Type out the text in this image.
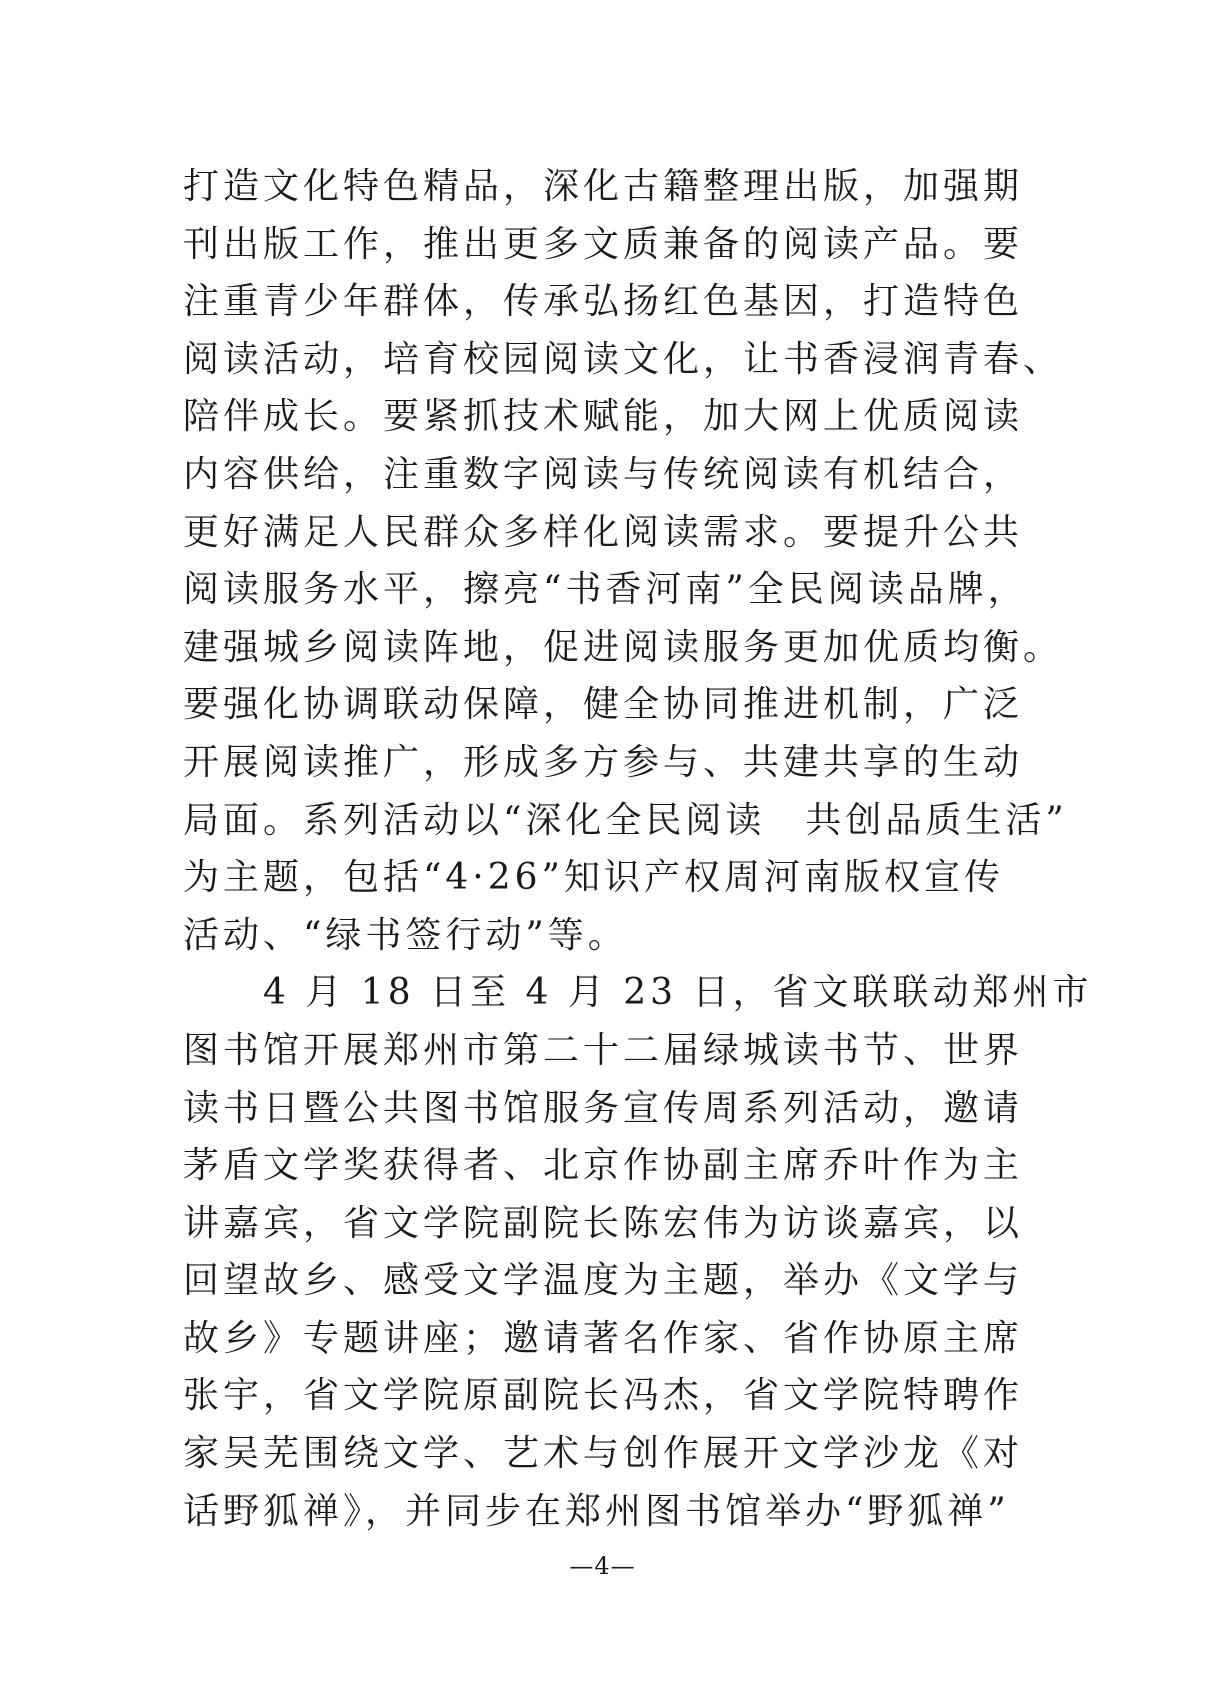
打造文化特色精品，深化古籍整理出版，加强期
刊出版工作，推出更多文质兼备的阅读产品。要
注重青少年群体，传承弘扬红色基因，打造特色
阅读活动，培育校园阅读文化，让书香浸润青春、
陪伴成长。要紧抓技术赋能，加大网上优质阅读
内容供给，注重数字阅读与传统阅读有机结合，
更好满足人民群众多样化阅读需求。要提升公共
阅读服务水平，擦亮“书香河南”全民阅读品牌，
建强城乡阅读阵地，促进阅读服务更加优质均衡。
要强化协调联动保障，健全协同推进机制，广泛
开展阅读推广，形成多方参与、共建共享的生动
局面。系列活动以“深化全民阅读　共创品质生活”
为主题，包括“4·26”知识产权周河南版权宣传
活动、“绿书签行动”等。
4 月 18 日至 4 月 23 日，省文联联动郑州市
图书馆开展郑州市第二十二届绿城读书节、世界
读书日暨公共图书馆服务宣传周系列活动，邀请
茅盾文学奖获得者、北京作协副主席乔叶作为主
讲嘉宾，省文学院副院长陈宏伟为访谈嘉宾，以
回望故乡、感受文学温度为主题，举办《文学与
故乡》专题讲座；邀请著名作家、省作协原主席
张宇，省文学院原副院长冯杰，省文学院特聘作
家吴芜围绕文学、艺术与创作展开文学沙龙《对
话野狐禅》，并同步在郑州图书馆举办“野狐禅”
—4—
